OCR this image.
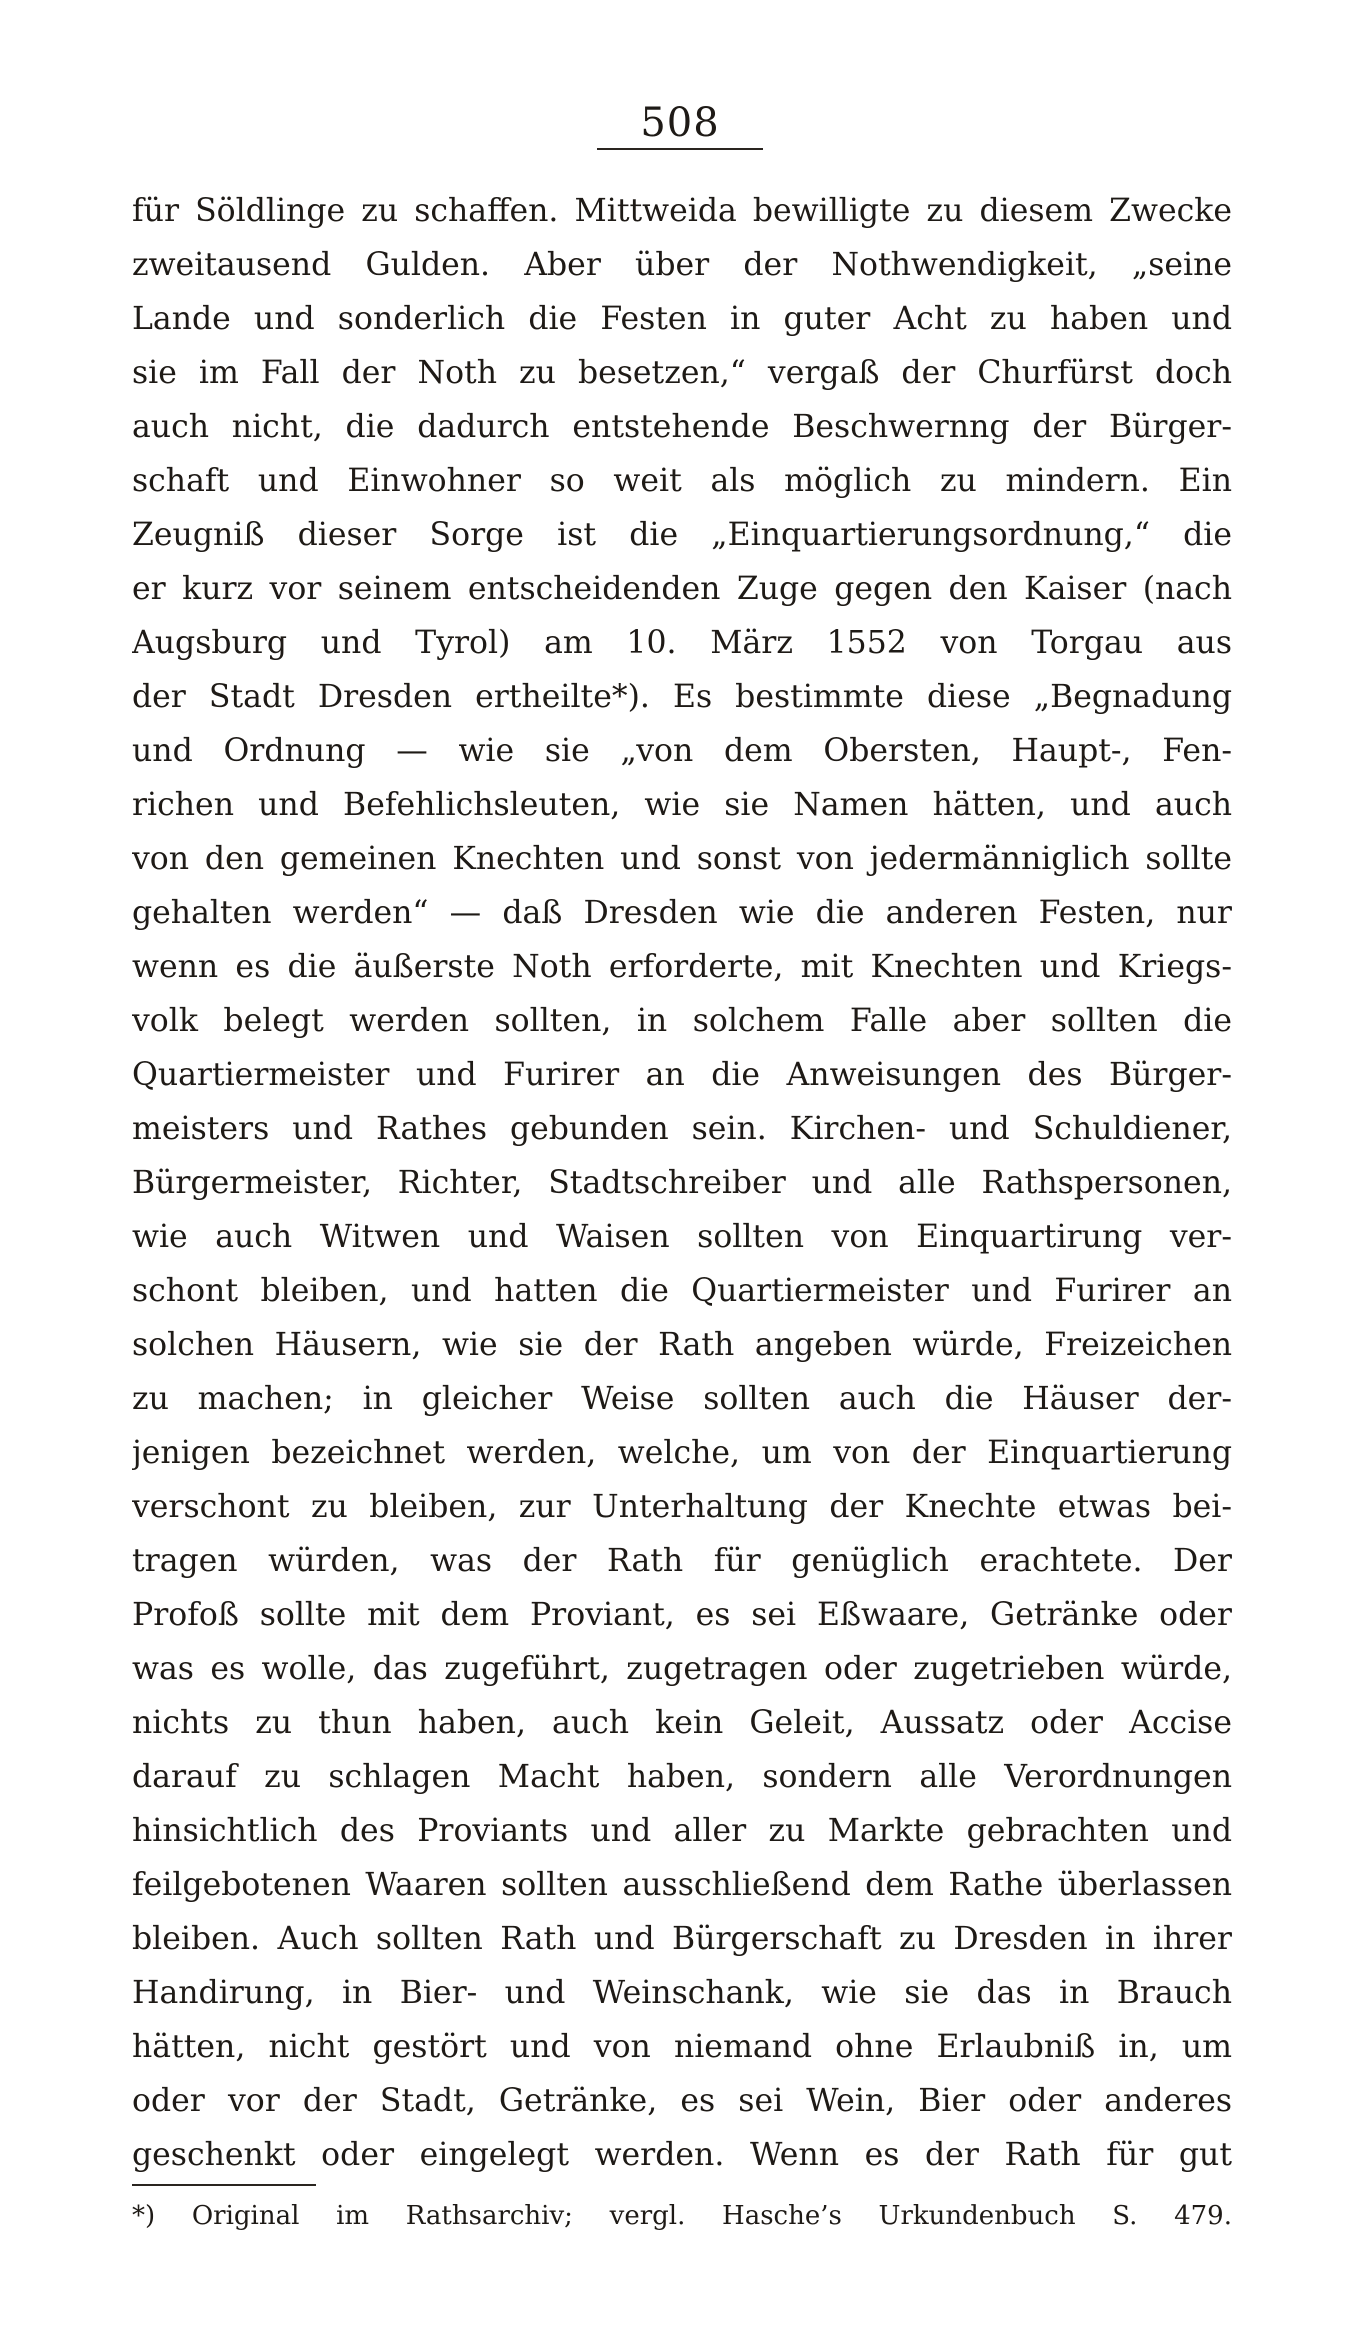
508
für Söldlinge zu schaffen. Mittweida bewilligte zu diesem Zwecke
zweitausend Gulden. Aber über der Nothwendigkeit, „seine
Lande und sonderlich die Festen in guter Acht zu haben und
sie im Fall der Noth zu besetzen,“ vergaß der Churfürst doch
auch nicht, die dadurch entstehende Beschwernng der Bürger-
schaft und Einwohner so weit als möglich zu mindern. Ein
Zeugniß dieser Sorge ist die „Einquartierungsordnung,“ die
er kurz vor seinem entscheidenden Zuge gegen den Kaiser (nach
Augsburg und Tyrol) am 10. März 1552 von Torgau aus
der Stadt Dresden ertheilte*). Es bestimmte diese „Begnadung
und Ordnung — wie sie „von dem Obersten, Haupt-, Fen-
richen und Befehlichsleuten, wie sie Namen hätten, und auch
von den gemeinen Knechten und sonst von jedermänniglich sollte
gehalten werden“ — daß Dresden wie die anderen Festen, nur
wenn es die äußerste Noth erforderte, mit Knechten und Kriegs-
volk belegt werden sollten, in solchem Falle aber sollten die
Quartiermeister und Furirer an die Anweisungen des Bürger-
meisters und Rathes gebunden sein. Kirchen- und Schuldiener,
Bürgermeister, Richter, Stadtschreiber und alle Rathspersonen,
wie auch Witwen und Waisen sollten von Einquartirung ver-
schont bleiben, und hatten die Quartiermeister und Furirer an
solchen Häusern, wie sie der Rath angeben würde, Freizeichen
zu machen; in gleicher Weise sollten auch die Häuser der-
jenigen bezeichnet werden, welche, um von der Einquartierung
verschont zu bleiben, zur Unterhaltung der Knechte etwas bei-
tragen würden, was der Rath für genüglich erachtete. Der
Profoß sollte mit dem Proviant, es sei Eßwaare, Getränke oder
was es wolle, das zugeführt, zugetragen oder zugetrieben würde,
nichts zu thun haben, auch kein Geleit, Aussatz oder Accise
darauf zu schlagen Macht haben, sondern alle Verordnungen
hinsichtlich des Proviants und aller zu Markte gebrachten und
feilgebotenen Waaren sollten ausschließend dem Rathe überlassen
bleiben. Auch sollten Rath und Bürgerschaft zu Dresden in ihrer
Handirung, in Bier- und Weinschank, wie sie das in Brauch
hätten, nicht gestört und von niemand ohne Erlaubniß in, um
oder vor der Stadt, Getränke, es sei Wein, Bier oder anderes
geschenkt oder eingelegt werden. Wenn es der Rath für gut
*) Original im Rathsarchiv; vergl. Hasche’s Urkundenbuch S. 479.
